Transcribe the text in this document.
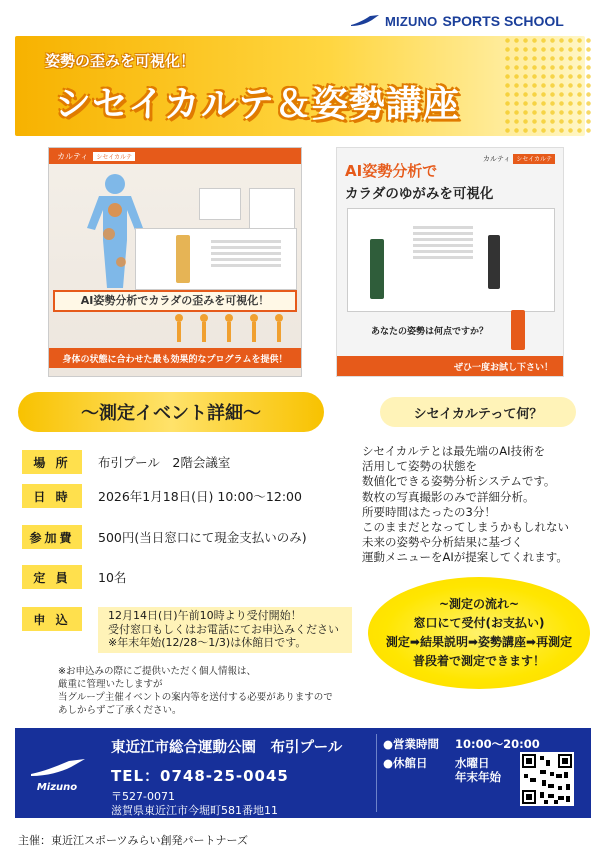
MIZUNO SPORTS SCHOOL
姿勢の歪みを可視化！
シセイカルテ＆姿勢講座
カルティ	シセイカルテ
AI姿勢分析でカラダの歪みを可視化！
身体の状態に合わせた最も効果的なプログラムを提供！
AI姿勢分析で
カルティ	シセイカルテ
カラダのゆがみを可視化
あなたの姿勢は何点ですか？
ぜひ一度お試し下さい！
～測定イベント詳細～	シセイカルテって何？
場 所	布引プール　2階会議室
日 時	2026年1月18日(日) 10:00～12:00
参加費	500円(当日窓口にて現金支払いのみ)
定 員	10名
申 込	12月14日(日)午前10時より受付開始！
受付窓口もしくはお電話にてお申込みください
※年末年始(12/28～1/3)は休館日です。
シセイカルテとは最先端のAI技術を
活用して姿勢の状態を
数値化できる姿勢分析システムです。
数枚の写真撮影のみで詳細分析。
所要時間はたったの3分！
このままだとなってしまうかもしれない
未来の姿勢や分析結果に基づく
運動メニューをAIが提案してくれます。
~測定の流れ~
窓口にて受付(お支払い)
測定➡結果説明➡姿勢講座➡再測定
普段着で測定できます！
※お申込みの際にご提供いただく個人情報は、
厳重に管理いたしますが
当グループ主催イベントの案内等を送付する必要がありますので
あしからずご了承ください。
Mizuno
東近江市総合運動公園　布引プール
TEL：0748-25-0045
〒527-0071
滋賀県東近江市今堀町581番地11
●営業時間 10:00～20:00
●休館日 水曜日
年末年始
主催：東近江スポーツみらい創発パートナーズ
